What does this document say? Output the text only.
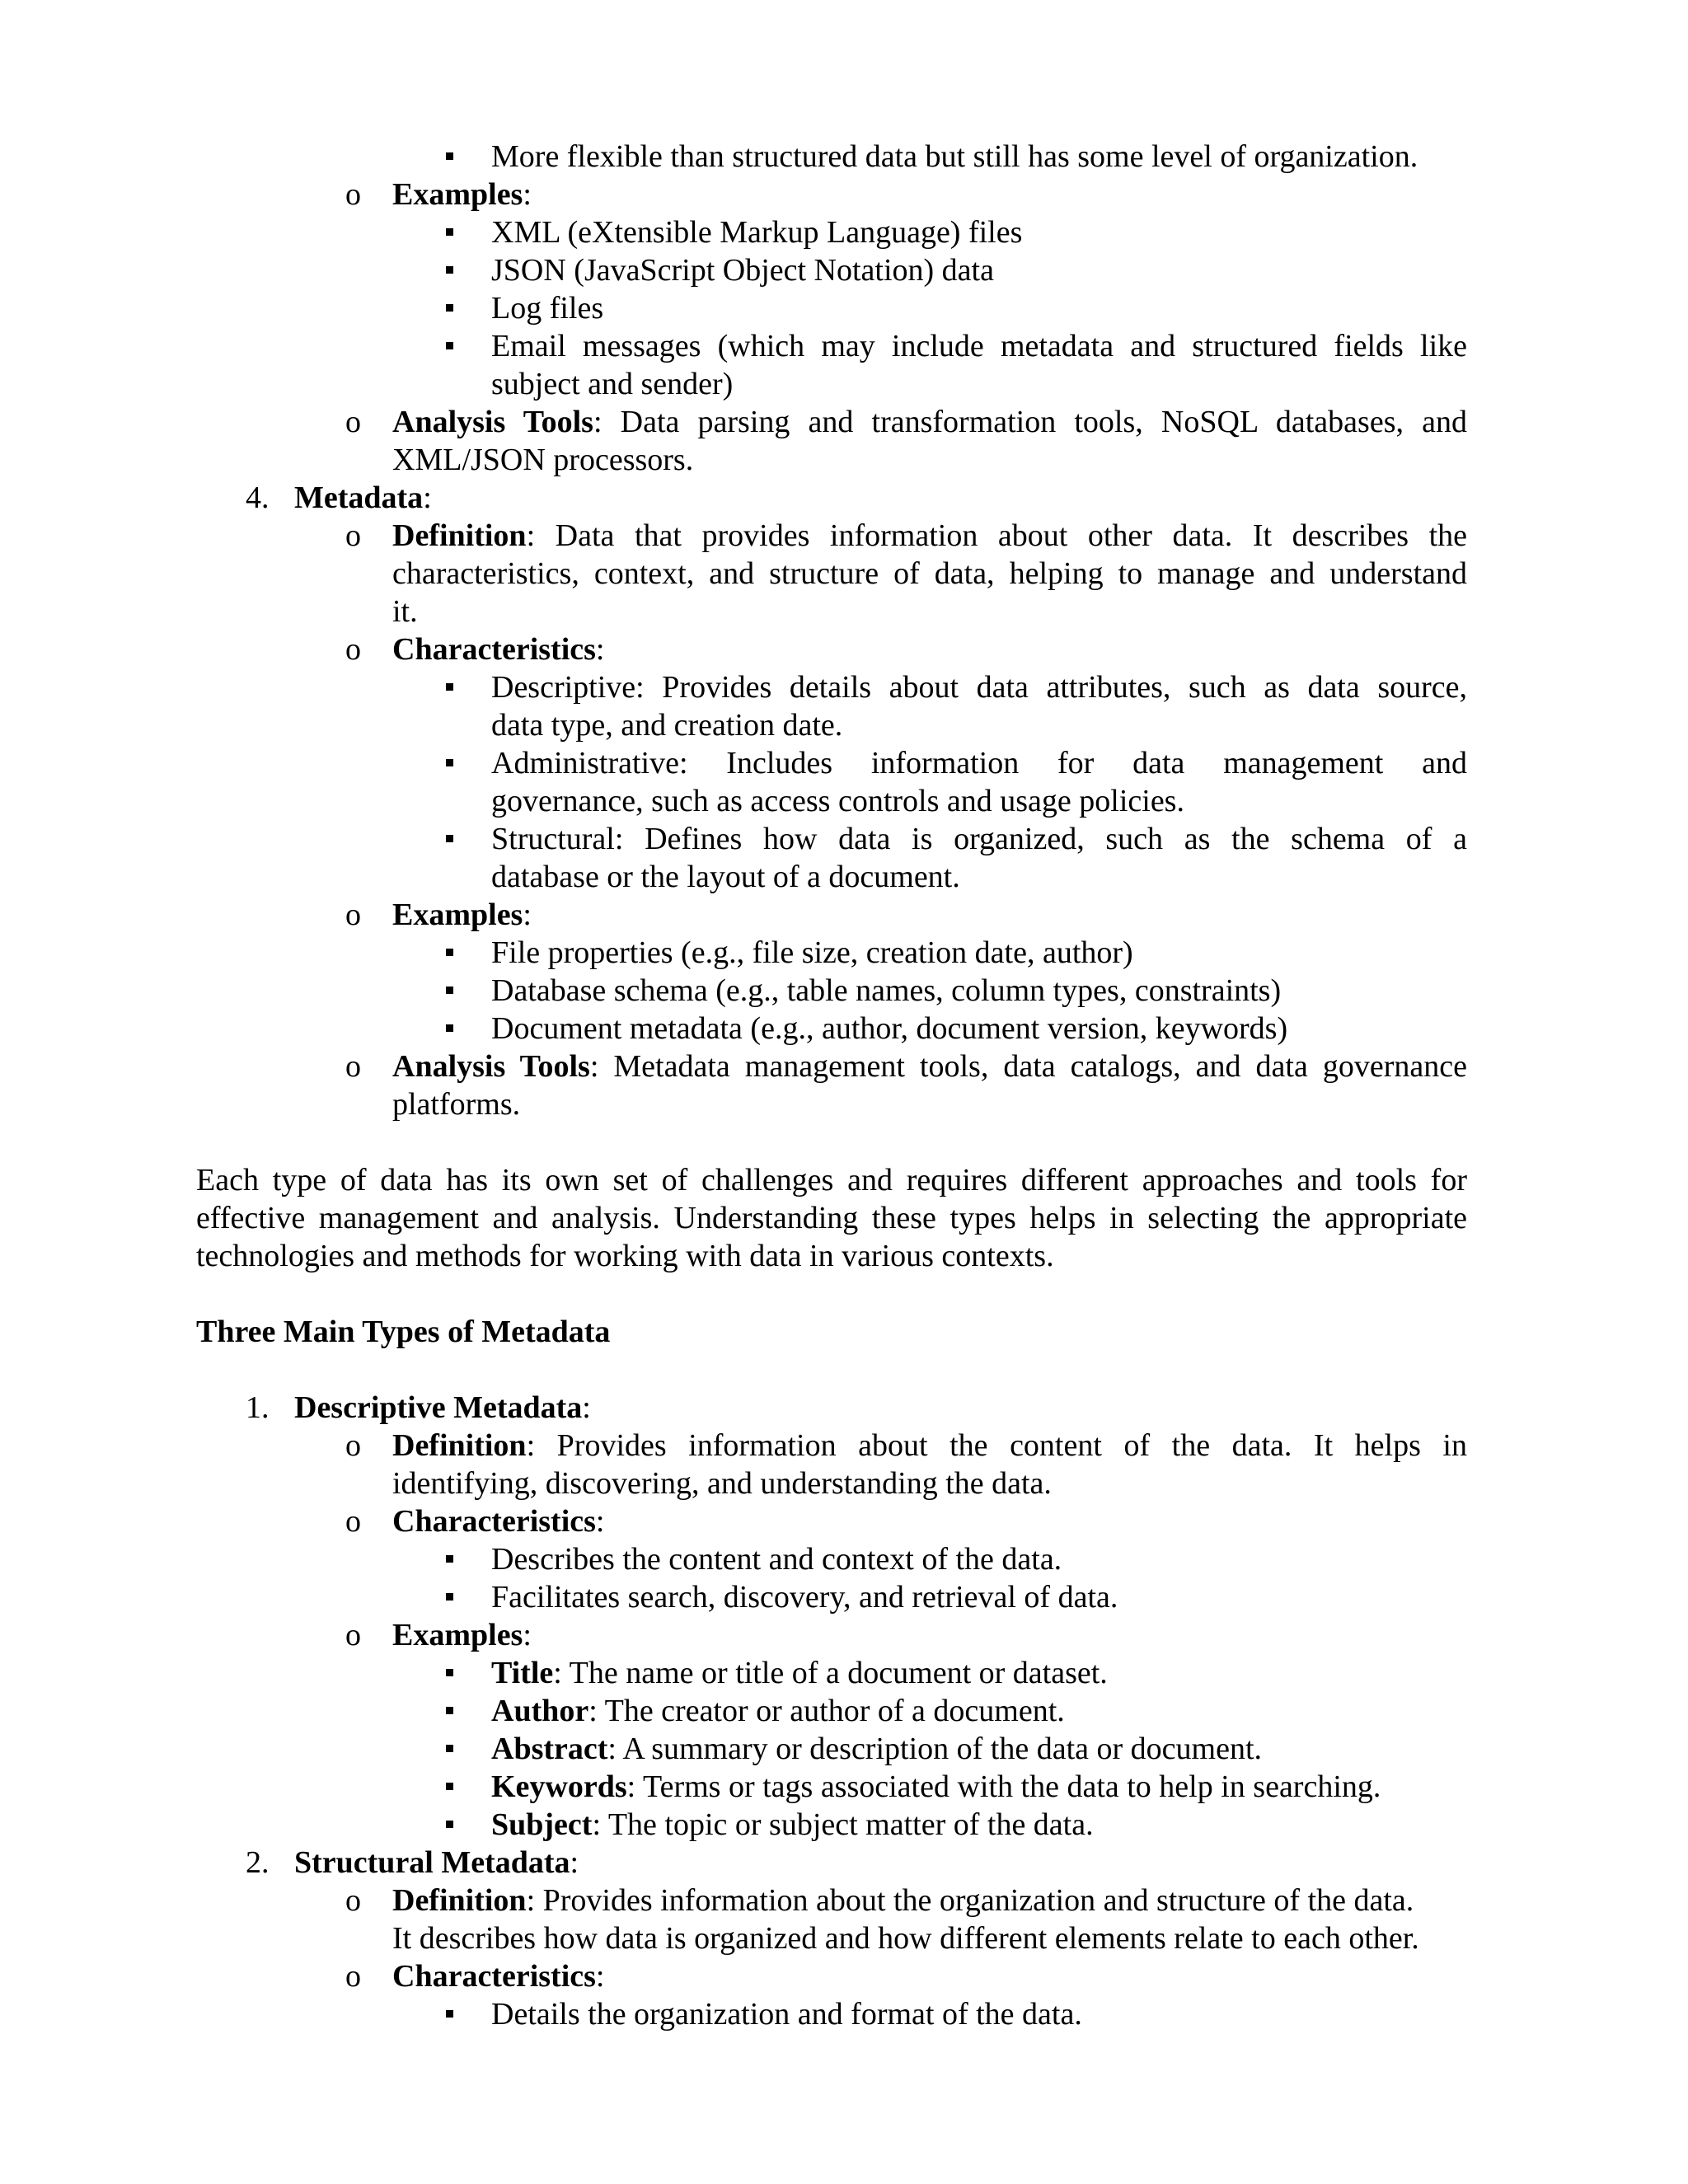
More flexible than structured data but still has some level of organization.
o Examples:
XML (eXtensible Markup Language) files
JSON (JavaScript Object Notation) data
Log files
Email messages (which may include metadata and structured fields like
subject and sender)
o Analysis Tools: Data parsing and transformation tools, NoSQL databases, and
XML/JSON processors.
4. Metadata:
o Definition: Data that provides information about other data. It describes the
characteristics, context, and structure of data, helping to manage and understand
it.
o Characteristics:
Descriptive: Provides details about data attributes, such as data source,
data type, and creation date.
Administrative: Includes information for data management and
governance, such as access controls and usage policies.
Structural: Defines how data is organized, such as the schema of a
database or the layout of a document.
o Examples:
File properties (e.g., file size, creation date, author)
Database schema (e.g., table names, column types, constraints)
Document metadata (e.g., author, document version, keywords)
o Analysis Tools: Metadata management tools, data catalogs, and data governance
platforms.
Each type of data has its own set of challenges and requires different approaches and tools for
effective management and analysis. Understanding these types helps in selecting the appropriate
technologies and methods for working with data in various contexts.
Three Main Types of Metadata
1. Descriptive Metadata:
o Definition: Provides information about the content of the data. It helps in
identifying, discovering, and understanding the data.
o Characteristics:
Describes the content and context of the data.
Facilitates search, discovery, and retrieval of data.
o Examples:
Title: The name or title of a document or dataset.
Author: The creator or author of a document.
Abstract: A summary or description of the data or document.
Keywords: Terms or tags associated with the data to help in searching.
Subject: The topic or subject matter of the data.
2. Structural Metadata:
o Definition: Provides information about the organization and structure of the data.
It describes how data is organized and how different elements relate to each other.
o Characteristics:
Details the organization and format of the data.
